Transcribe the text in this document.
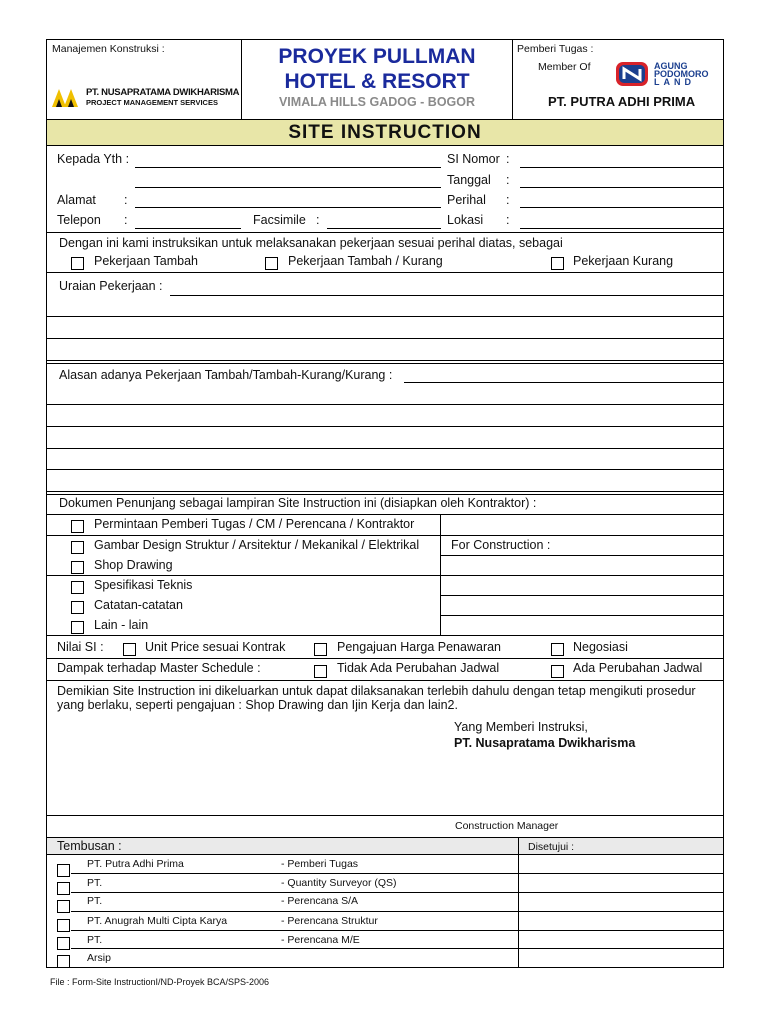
Manajemen Konstruksi :
PT. NUSAPRATAMA DWIKHARISMA
PROJECT MANAGEMENT SERVICES
PROYEK PULLMAN
HOTEL & RESORT
VIMALA HILLS GADOG - BOGOR
Pemberi Tugas :
Member Of	AGUNG
PODOMORO
LAND
PT. PUTRA ADHI PRIMA
SITE INSTRUCTION
Kepada Yth :
Alamat :
Telepon :	Facsimile :
SI Nomor :
Tanggal :
Perihal :
Lokasi :
Dengan ini kami instruksikan untuk melaksanakan pekerjaan sesuai perihal diatas, sebagai
Pekerjaan Tambah	Pekerjaan Tambah / Kurang	Pekerjaan Kurang
Uraian Pekerjaan :
Alasan adanya Pekerjaan Tambah/Tambah-Kurang/Kurang :
Dokumen Penunjang sebagai lampiran Site Instruction ini (disiapkan oleh Kontraktor) :
Permintaan Pemberi Tugas / CM / Perencana / Kontraktor
Gambar Design Struktur / Arsitektur / Mekanikal / Elektrikal	For Construction :
Shop Drawing
Spesifikasi Teknis
Catatan-catatan
Lain - lain
Nilai SI :	Unit Price sesuai Kontrak	Pengajuan Harga Penawaran	Negosiasi
Dampak terhadap Master Schedule :	Tidak Ada Perubahan Jadwal	Ada Perubahan Jadwal
Demikian Site Instruction ini dikeluarkan untuk dapat dilaksanakan terlebih dahulu dengan tetap mengikuti prosedur
yang berlaku, seperti pengajuan : Shop Drawing dan Ijin Kerja dan lain2.
Yang Memberi Instruksi,
PT. Nusapratama Dwikharisma
Construction Manager
Tembusan :	Disetujui :
PT. Putra Adhi Prima	- Pemberi Tugas
PT.	- Quantity Surveyor (QS)
PT.	- Perencana S/A
PT. Anugrah Multi Cipta Karya	- Perencana Struktur
PT.	- Perencana M/E
Arsip
File : Form-Site InstructionI/ND-Proyek BCA/SPS-2006
